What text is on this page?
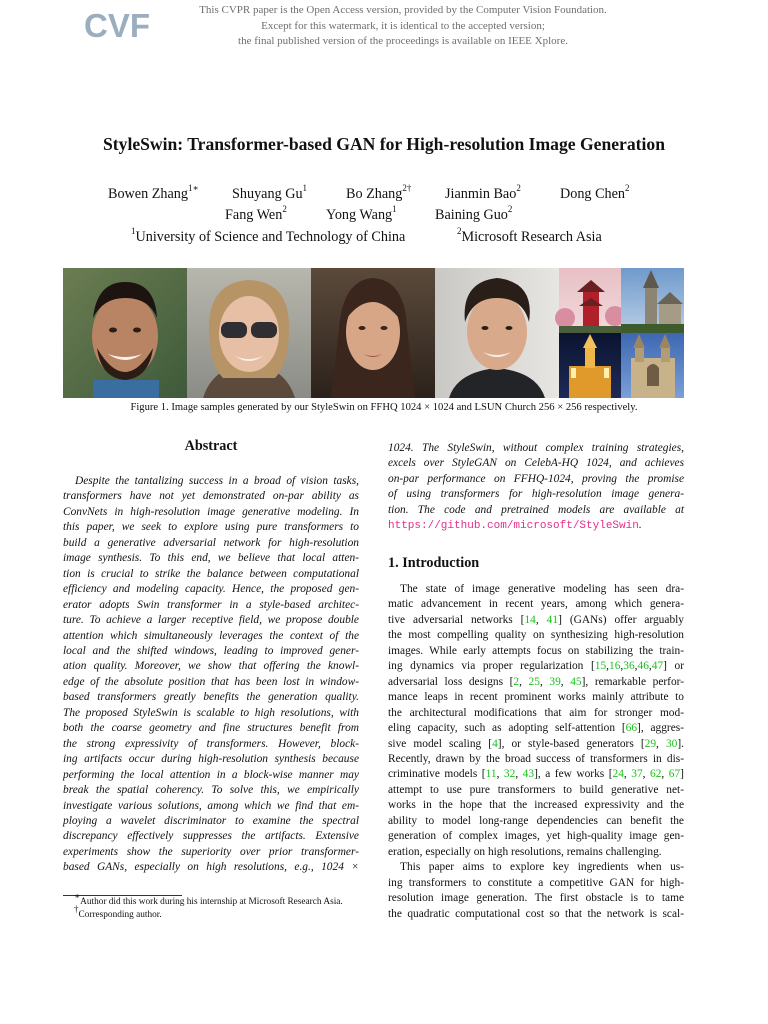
CVF	This CVPR paper is the Open Access version, provided by the Computer Vision Foundation.
Except for this watermark, it is identical to the accepted version;
the final published version of the proceedings is available on IEEE Xplore.
StyleSwin: Transformer-based GAN for High-resolution Image Generation
Bowen Zhang$^{1∗}$ Shuyang Gu$^1$	Bo Zhang$^{2\dagger}$ Jianmin Bao$^2$	Dong Chen$^2$
Fang Wen$^2$	Yong Wang$^1$	Baining Guo$^2$
$^1$University of Science and Technology of China	$^2$Microsoft Research Asia
Figure 1. Image samples generated by our StyleSwin on FFHQ 1024 × 1024 and LSUN Church 256 × 256 respectively.
Abstract

Despite the tantalizing success in a broad of vision tasks,

transformers have not yet demonstrated on-par ability as

ConvNets in high-resolution image generative modeling. In

this paper, we seek to explore using pure transformers to

build a generative adversarial network for high-resolution

image synthesis. To this end, we believe that local atten-

tion is crucial to strike the balance between computational

efficiency and modeling capacity. Hence, the proposed gen-

erator adopts Swin transformer in a style-based architec-

ture. To achieve a larger receptive field, we propose double

attention which simultaneously leverages the context of the

local and the shifted windows, leading to improved gener-

ation quality. Moreover, we show that offering the knowl-

edge of the absolute position that has been lost in window-

based transformers greatly benefits the generation quality.

The proposed StyleSwin is scalable to high resolutions, with

both the coarse geometry and fine structures benefit from

the strong expressivity of transformers. However, block-

ing artifacts occur during high-resolution synthesis because

performing the local attention in a block-wise manner may

break the spatial coherency. To solve this, we empirically

investigate various solutions, among which we find that em-

ploying a wavelet discriminator to examine the spectral

discrepancy effectively suppresses the artifacts. Extensive

experiments show the superiority over prior transformer-

based GANs, especially on high resolutions, e.g., 1024 ×

1024. The StyleSwin, without complex training strategies,

excels over StyleGAN on CelebA-HQ 1024, and achieves

on-par performance on FFHQ-1024, proving the promise

of using transformers for high-resolution image genera-

tion. The code and pretrained models are available at

https://github.com/microsoft/StyleSwin.

1. Introduction

The state of image generative modeling has seen dra-

matic advancement in recent years, among which genera-

tive adversarial networks [14, 41] (GANs) offer arguably

the most compelling quality on synthesizing high-resolution

images. While early attempts focus on stabilizing the train-

ing dynamics via proper regularization [15,16,36,46,47] or

adversarial loss designs [2, 25, 39, 45], remarkable perfor-

mance leaps in recent prominent works mainly attribute to

the architectural modifications that aim for stronger mod-

eling capacity, such as adopting self-attention [66], aggres-

sive model scaling [4], or style-based generators [29, 30].

Recently, drawn by the broad success of transformers in dis-

criminative models [11, 32, 43], a few works [24, 37, 62, 67]

attempt to use pure transformers to build generative net-

works in the hope that the increased expressivity and the

ability to model long-range dependencies can benefit the

generation of complex images, yet high-quality image gen-

eration, especially on high resolutions, remains challenging.

This paper aims to explore key ingredients when us-

ing transformers to constitute a competitive GAN for high-

resolution image generation. The first obstacle is to tame

the quadratic computational cost so that the network is scal-

∗Author did this work during his internship at Microsoft Research Asia.
†Corresponding author.
